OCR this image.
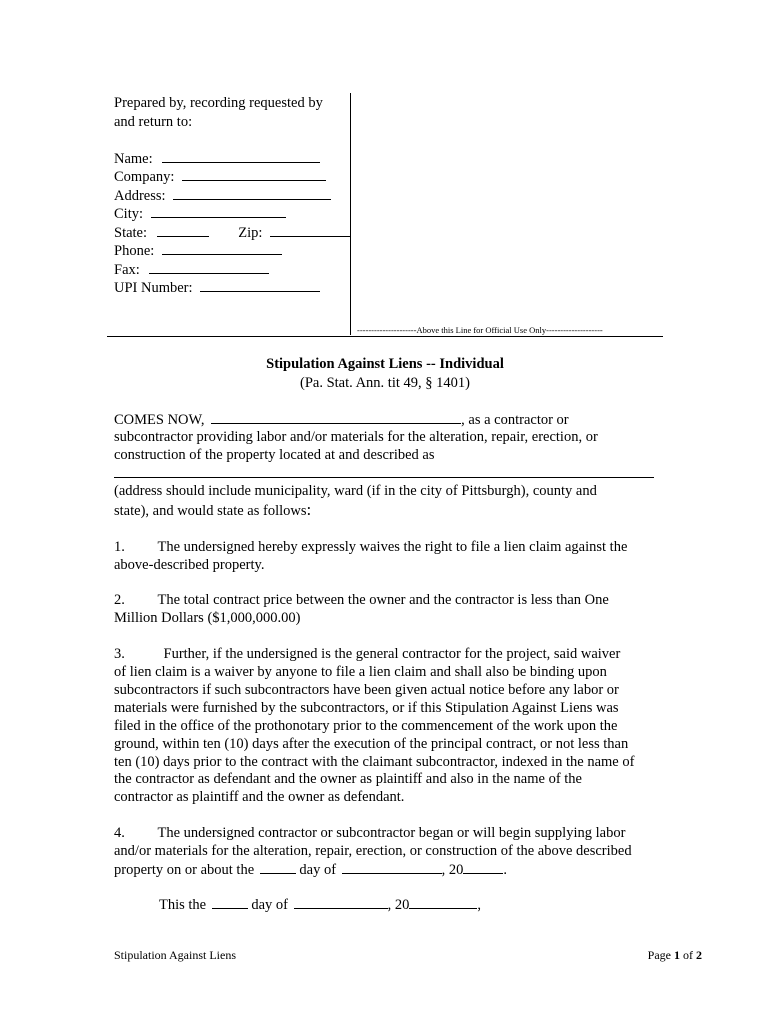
Prepared by, recording requested by
and return to:
Name:
Company:
Address:
City:
State:	Zip:
Phone:
Fax:
UPI Number:
---------------------Above this Line for Official Use Only--------------------
Stipulation Against Liens -- Individual
(Pa. Stat. Ann. tit 49, § 1401)
COMES NOW,	, as a contractor or
subcontractor providing labor and/or materials for the alteration, repair, erection, or
construction of the property located at and described as
(address should include municipality, ward (if in the city of Pittsburgh), county and
state), and would state as follows:
1. The undersigned hereby expressly waives the right to file a lien claim against the
above-described property.
2. The total contract price between the owner and the contractor is less than One
Million Dollars ($1,000,000.00)
3.	Further, if the undersigned is the general contractor for the project, said waiver
of lien claim is a waiver by anyone to file a lien claim and shall also be binding upon
subcontractors if such subcontractors have been given actual notice before any labor or
materials were furnished by the subcontractors, or if this Stipulation Against Liens was
filed in the office of the prothonotary prior to the commencement of the work upon the
ground, within ten (10) days after the execution of the principal contract, or not less than
ten (10) days prior to the contract with the claimant subcontractor, indexed in the name of
the contractor as defendant and the owner as plaintiff and also in the name of the
contractor as plaintiff and the owner as defendant.
4. The undersigned contractor or subcontractor began or will begin supplying labor
and/or materials for the alteration, repair, erection, or construction of the above described
property on or about the	day of	, 20	.
This the	day of	, 20	,
Stipulation Against Liens	Page 1 of 2
